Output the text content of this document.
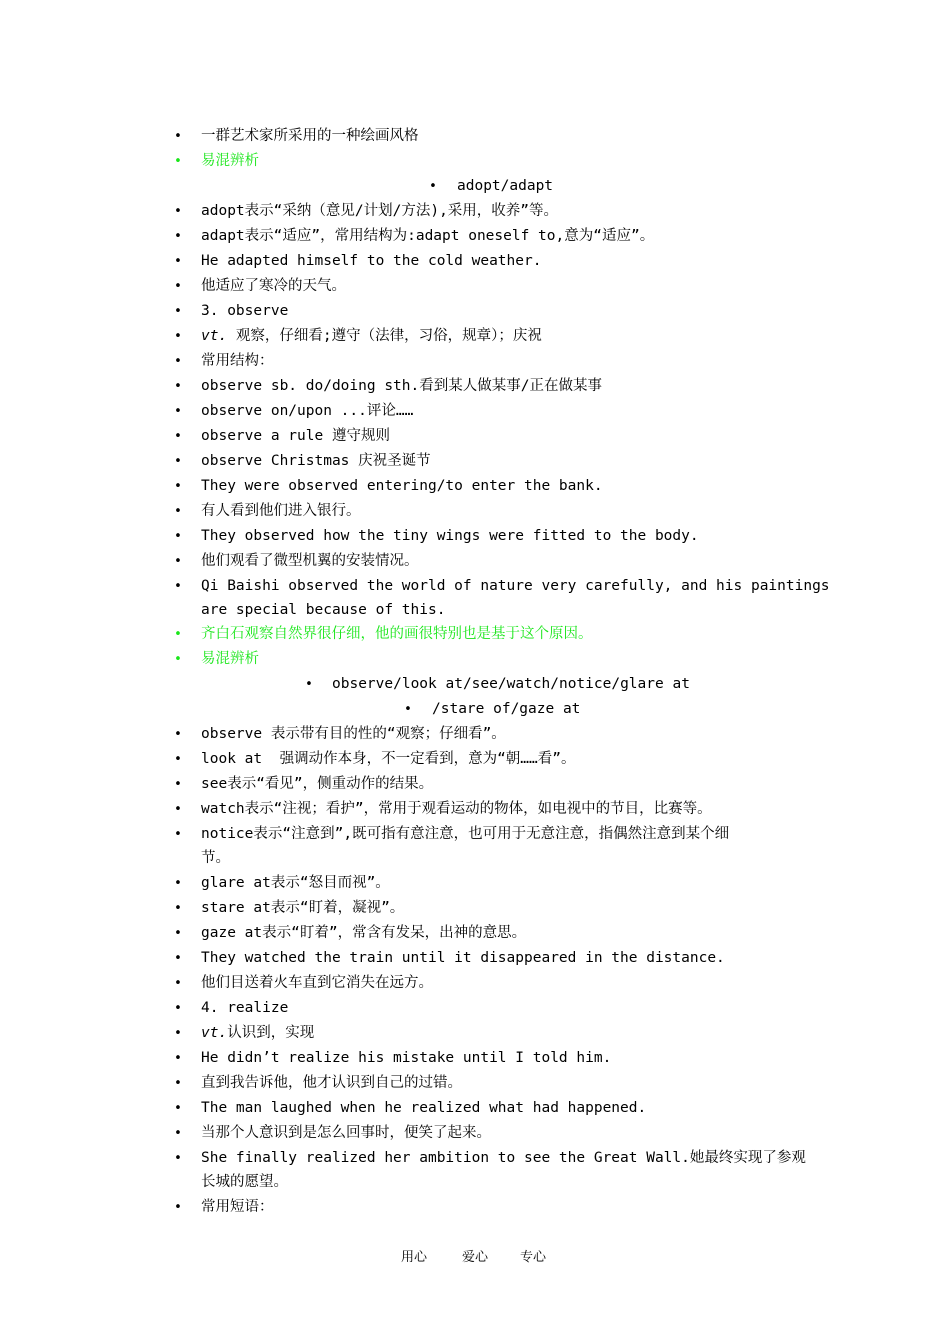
• 一群艺术家所采用的一种绘画风格
• 易混辨析
• adopt/adapt
• adopt表示“采纳（意见/计划/方法),采用，收养”等。
• adapt表示“适应”，常用结构为:adapt oneself to,意为“适应”。
• He adapted himself to the cold weather.
• 他适应了寒冷的天气。
• 3. observe
• vt. 观察，仔细看;遵守（法律，习俗，规章）；庆祝
• 常用结构：
• observe sb. do/doing sth.看到某人做某事/正在做某事
• observe on/upon ...评论……
• observe a rule 遵守规则
• observe Christmas 庆祝圣诞节
• They were observed entering/to enter the bank.
• 有人看到他们进入银行。
• They observed how the tiny wings were fitted to the body.
• 他们观看了微型机翼的安装情况。
• Qi Baishi observed the world of nature very carefully, and his paintings
are special because of this.
• 齐白石观察自然界很仔细，他的画很特别也是基于这个原因。
• 易混辨析
• observe/look at/see/watch/notice/glare at
• /stare of/gaze at
• observe 表示带有目的性的“观察；仔细看”。
• look at  强调动作本身，不一定看到，意为“朝……看”。
• see表示“看见”，侧重动作的结果。
• watch表示“注视；看护”，常用于观看运动的物体，如电视中的节目，比赛等。
• notice表示“注意到”,既可指有意注意，也可用于无意注意，指偶然注意到某个细
节。
• glare at表示“怒目而视”。
• stare at表示“盯着，凝视”。
• gaze at表示“盯着”，常含有发呆，出神的意思。
• They watched the train until it disappeared in the distance.
• 他们目送着火车直到它消失在远方。
• 4. realize
• vt.认识到，实现
• He didn’t realize his mistake until I told him.
• 直到我告诉他，他才认识到自己的过错。
• The man laughed when he realized what had happened.
• 当那个人意识到是怎么回事时，便笑了起来。
• She finally realized her ambition to see the Great Wall.她最终实现了参观
长城的愿望。
• 常用短语：
用心	爱心 专心
